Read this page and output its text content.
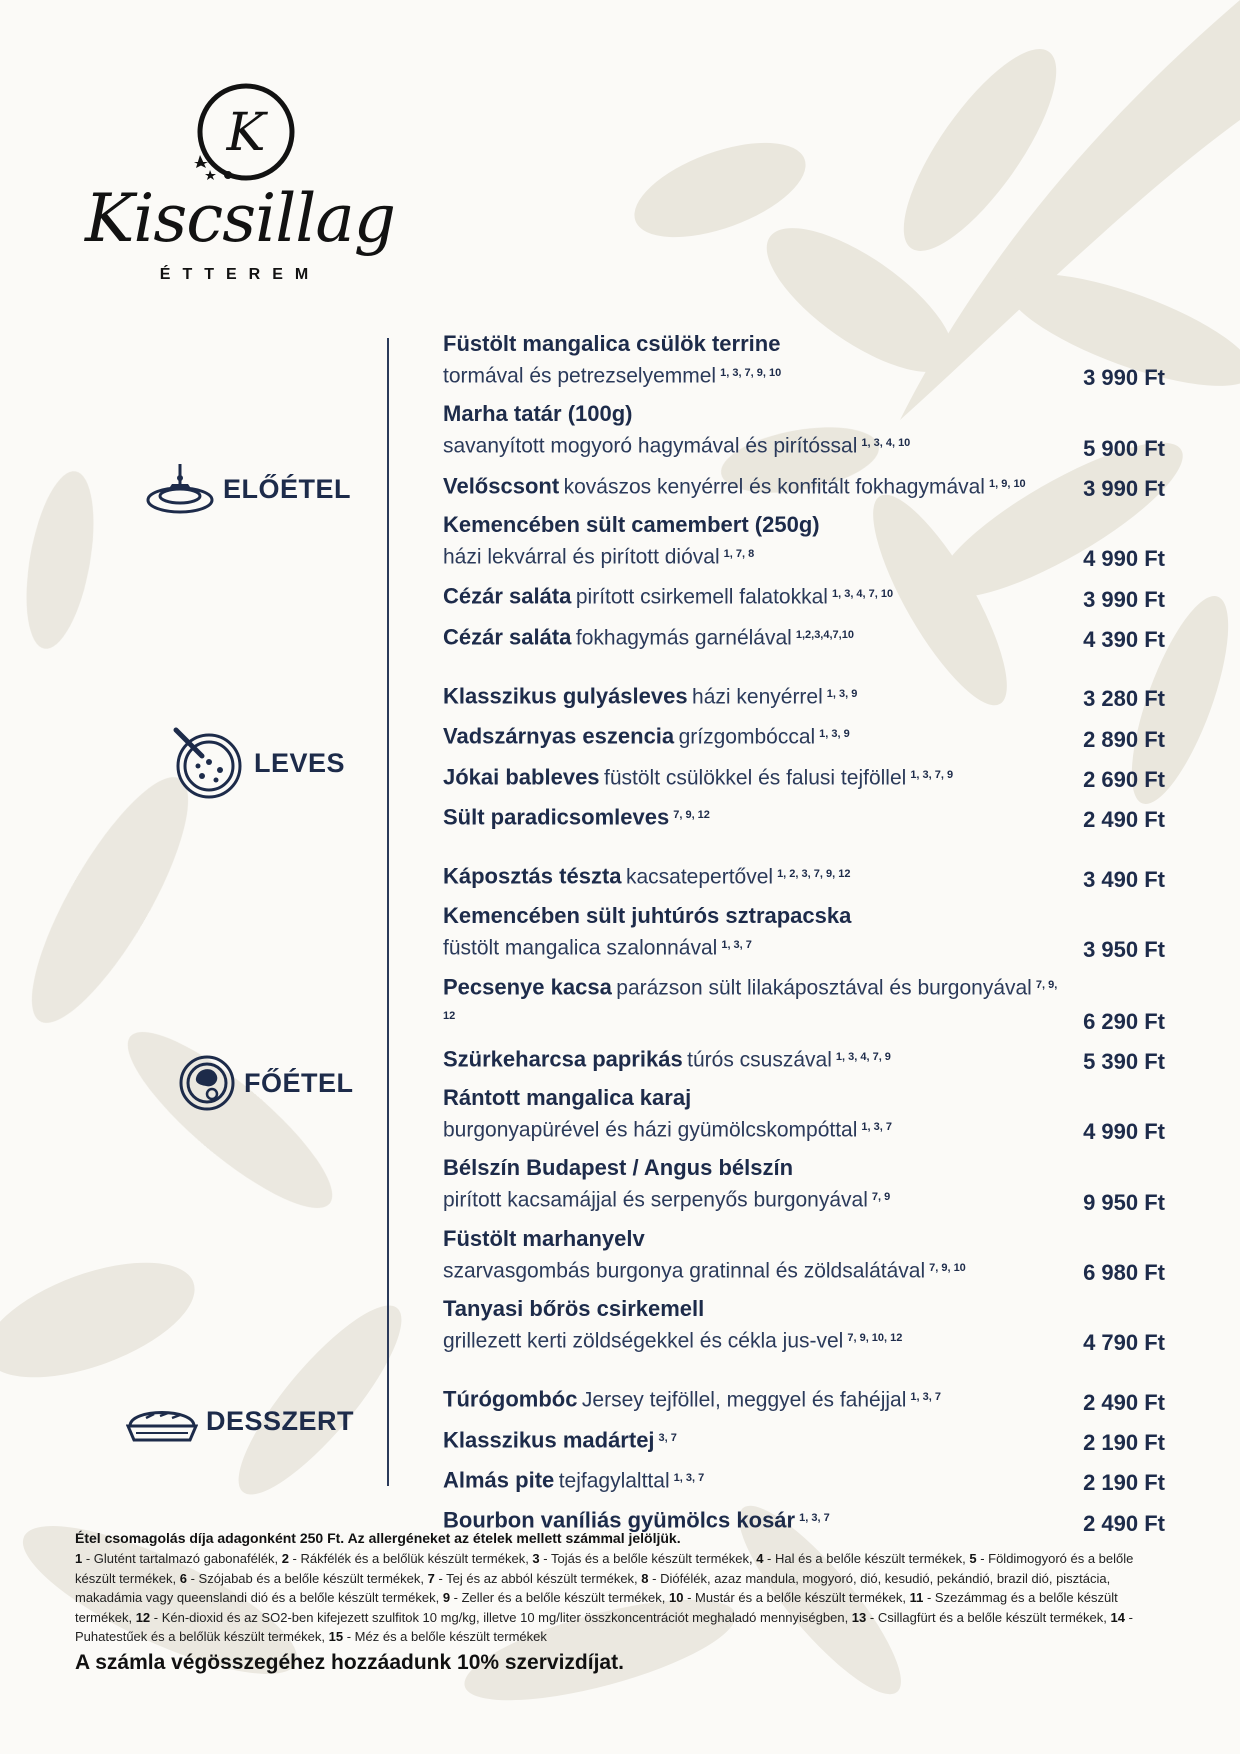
K
Kiscsillag
ÉTTEREM
ELŐÉTEL
LEVES
FŐÉTEL
DESSZERT
Füstölt mangalica csülök terrine
tormával és petrezselyemmel $^{1, 3, 7, 9, 10}$	3 990 Ft
Marha tatár (100g)
savanyított mogyoró hagymával és pirítóssal $^{1, 3, 4, 10}$	5 900 Ft
Velőscsont kovászos kenyérrel és konfitált fokhagymával $^{1, 9, 10}$	3 990 Ft
Kemencében sült camembert (250g)
házi lekvárral és pirított dióval $^{1, 7, 8}$	4 990 Ft
Cézár saláta pirított csirkemell falatokkal $^{1, 3, 4, 7, 10}$	3 990 Ft
Cézár saláta fokhagymás garnélával $^{1,2,3,4,7,10}$	4 390 Ft
Klasszikus gulyásleves házi kenyérrel $^{1, 3, 9}$	3 280 Ft
Vadszárnyas eszencia grízgombóccal $^{1, 3, 9}$	2 890 Ft
Jókai bableves füstölt csülökkel és falusi tejföllel $^{1, 3, 7, 9}$	2 690 Ft
Sült paradicsomleves $^{7, 9, 12}$	2 490 Ft
Káposztás tészta kacsatepertővel $^{1, 2, 3, 7, 9, 12}$	3 490 Ft
Kemencében sült juhtúrós sztrapacska
füstölt mangalica szalonnával $^{1, 3, 7}$	3 950 Ft
Pecsenye kacsa parázson sült lilakáposztával és burgonyával $^{7, 9, 12}$	6 290 Ft
Szürkeharcsa paprikás túrós csuszával $^{1, 3, 4, 7, 9}$	5 390 Ft
Rántott mangalica karaj
burgonyapürével és házi gyümölcskompóttal $^{1, 3, 7}$	4 990 Ft
Bélszín Budapest / Angus bélszín
pirított kacsamájjal és serpenyős burgonyával $^{7, 9}$	9 950 Ft
Füstölt marhanyelv
szarvasgombás burgonya gratinnal és zöldsalátával $^{7, 9, 10}$	6 980 Ft
Tanyasi bőrös csirkemell
grillezett kerti zöldségekkel és cékla jus-vel $^{7, 9, 10, 12}$	4 790 Ft
Túrógombóc Jersey tejföllel, meggyel és fahéjjal $^{1, 3, 7}$	2 490 Ft
Klasszikus madártej $^{3, 7}$	2 190 Ft
Almás pite tejfagylalttal $^{1, 3, 7}$	2 190 Ft
Bourbon vaníliás gyümölcs kosár $^{1, 3, 7}$	2 490 Ft

Étel csomagolás díja adagonként 250 Ft. Az allergéneket az ételek mellett számmal jelöljük.

1 - Glutént tartalmazó gabonafélék, 2 - Rákfélék és a belőlük készült termékek, 3 - Tojás és a belőle készült termékek, 4 - Hal és a belőle készült termékek, 5 - Földimogyoró és a belőle készült termékek, 6 - Szójabab és a belőle készült termékek, 7 - Tej és az abból készült termékek, 8 - Diófélék, azaz mandula, mogyoró, dió, kesudió, pekándió, brazil dió, pisztácia, makadámia vagy queenslandi dió és a belőle készült termékek, 9 - Zeller és a belőle készült termékek, 10 - Mustár és a belőle készült termékek, 11 - Szezámmag és a belőle készült termékek, 12 - Kén-dioxid és az SO2-ben kifejezett szulfitok 10 mg/kg, illetve 10 mg/liter összkoncentrációt meghaladó mennyiségben, 13 - Csillagfürt és a belőle készült termékek, 14 - Puhatestűek és a belőlük készült termékek, 15 - Méz és a belőle készült termékek
A számla végösszegéhez hozzáadunk 10% szervizdíjat.
